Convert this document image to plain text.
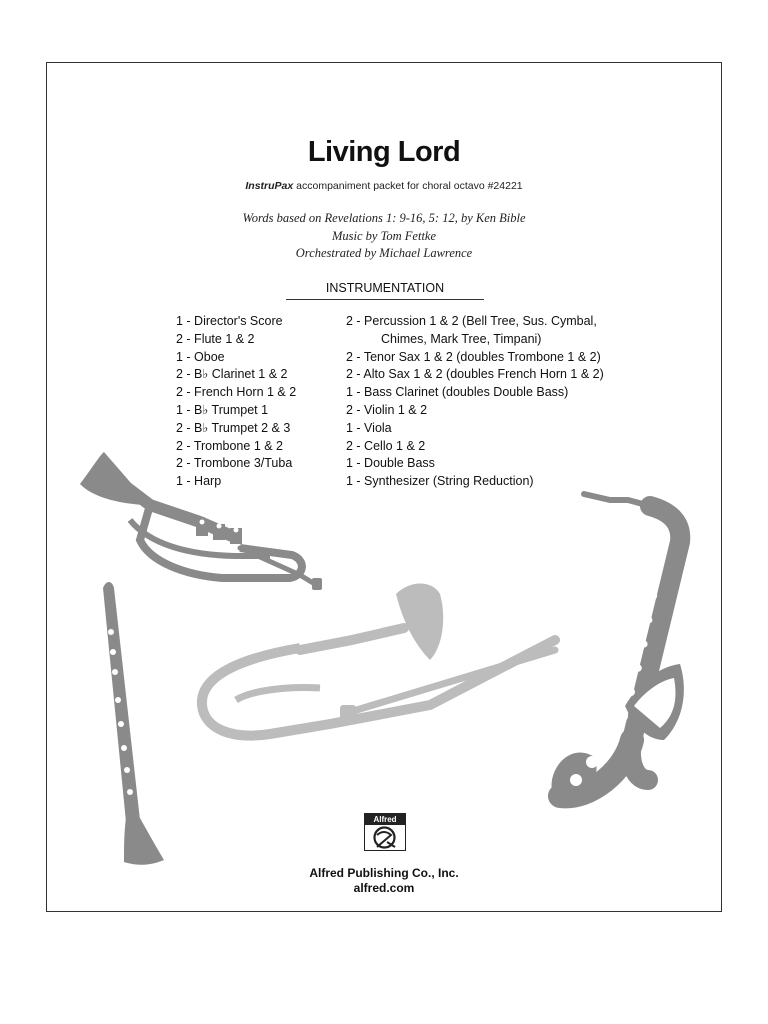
Living Lord
InstruPax accompaniment packet for choral octavo #24221
Words based on Revelations 1: 9-16, 5: 12, by Ken Bible
Music by Tom Fettke
Orchestrated by Michael Lawrence
INSTRUMENTATION
1 - Director's Score
2 - Flute 1 & 2
1 - Oboe
2 - B♭ Clarinet 1 & 2
2 - French Horn 1 & 2
1 - B♭ Trumpet 1
2 - B♭ Trumpet 2 & 3
2 - Trombone 1 & 2
2 - Trombone 3/Tuba
1 - Harp
2 - Percussion 1 & 2 (Bell Tree, Sus. Cymbal,
Chimes, Mark Tree, Timpani)
2 - Tenor Sax 1 & 2 (doubles Trombone 1 & 2)
2 - Alto Sax 1 & 2 (doubles French Horn 1 & 2)
1 - Bass Clarinet (doubles Double Bass)
2 - Violin 1 & 2
1 - Viola
2 - Cello 1 & 2
1 - Double Bass
1 - Synthesizer (String Reduction)
Alfred
Alfred Publishing Co., Inc.
alfred.com
